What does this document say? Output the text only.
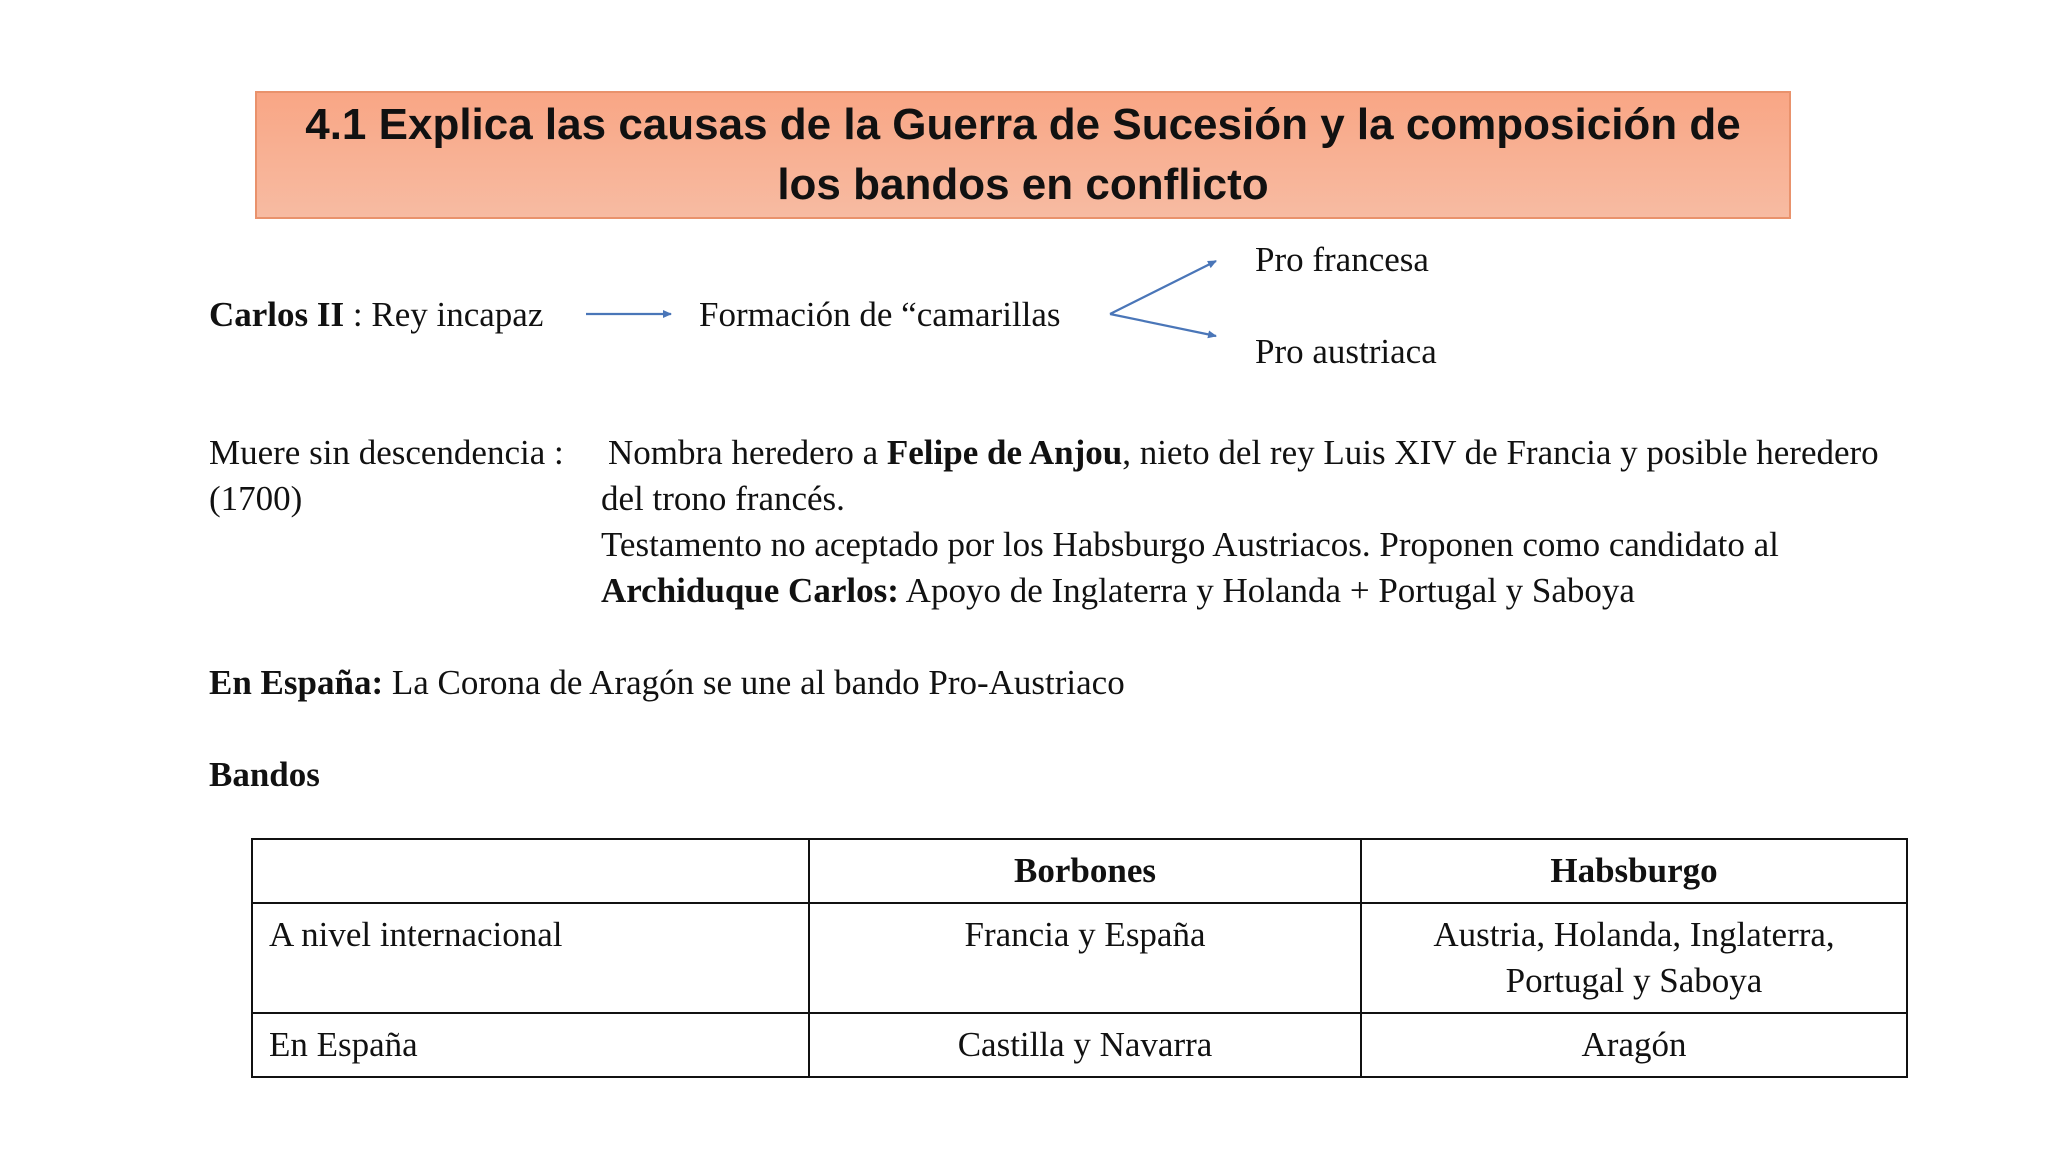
4.1 Explica las causas de la Guerra de Sucesión y la composición de los bandos en conflicto
Carlos II : Rey incapaz	Formación de “camarillas
Pro francesa
Pro austriaca
Muere sin descendencia :
(1700)
Nombra heredero a Felipe de Anjou, nieto del rey Luis XIV de Francia y posible heredero
del trono francés.
Testamento no aceptado por los Habsburgo Austriacos. Proponen como candidato al
Archiduque Carlos: Apoyo de Inglaterra y Holanda + Portugal y Saboya
En España: La Corona de Aragón se une al bando Pro-Austriaco
Bandos
	Borbones	Habsburgo
A nivel internacional	Francia y España	Austria, Holanda, Inglaterra, Portugal y Saboya
En España	Castilla y Navarra	Aragón
